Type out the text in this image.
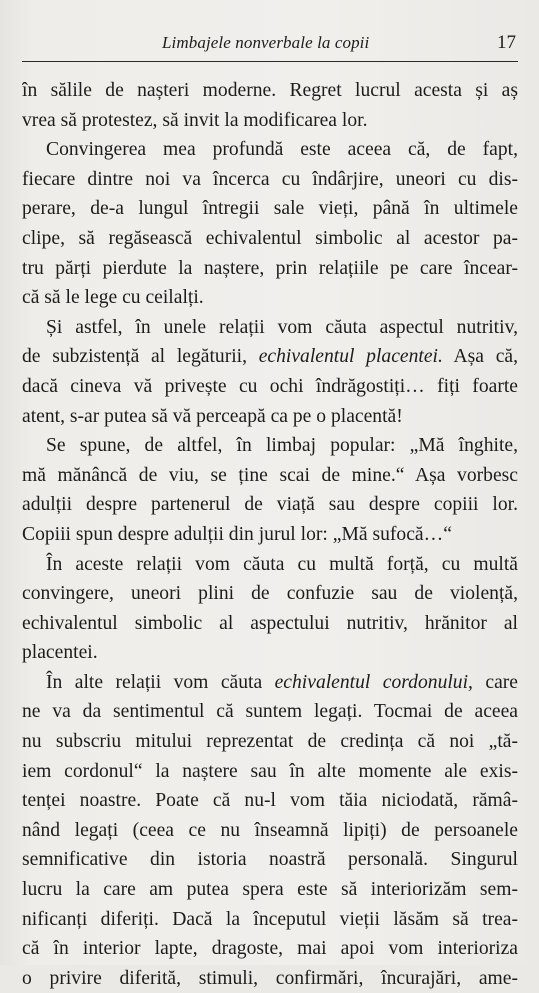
Limbajele nonverbale la copii	17
în sălile de nașteri moderne. Regret lucrul acesta și aș
vrea să protestez, să invit la modificarea lor.
Convingerea mea profundă este aceea că, de fapt,
fiecare dintre noi va încerca cu îndârjire, uneori cu dis-
perare, de-a lungul întregii sale vieți, până în ultimele
clipe, să regăsească echivalentul simbolic al acestor pa-
tru părți pierdute la naștere, prin relațiile pe care încear-
că să le lege cu ceilalți.
Și astfel, în unele relații vom căuta aspectul nutritiv,
de subzistență al legăturii, echivalentul placentei. Așa că,
dacă cineva vă privește cu ochi îndrăgostiți… fiți foarte
atent, s-ar putea să vă perceapă ca pe o placentă!
Se spune, de altfel, în limbaj popular: „Mă înghite,
mă mănâncă de viu, se ține scai de mine.“ Așa vorbesc
adulții despre partenerul de viață sau despre copiii lor.
Copiii spun despre adulții din jurul lor: „Mă sufocă…“
În aceste relații vom căuta cu multă forță, cu multă
convingere, uneori plini de confuzie sau de violență,
echivalentul simbolic al aspectului nutritiv, hrănitor al
placentei.
În alte relații vom căuta echivalentul cordonului, care
ne va da sentimentul că suntem legați. Tocmai de aceea
nu subscriu mitului reprezentat de credința că noi „tă-
iem cordonul“ la naștere sau în alte momente ale exis-
tenței noastre. Poate că nu-l vom tăia niciodată, rămâ-
nând legați (ceea ce nu înseamnă lipiți) de persoanele
semnificative din istoria noastră personală. Singurul
lucru la care am putea spera este să interiorizăm sem-
nificanți diferiți. Dacă la începutul vieții lăsăm să trea-
că în interior lapte, dragoste, mai apoi vom interioriza
o privire diferită, stimuli, confirmări, încurajări, ame-
